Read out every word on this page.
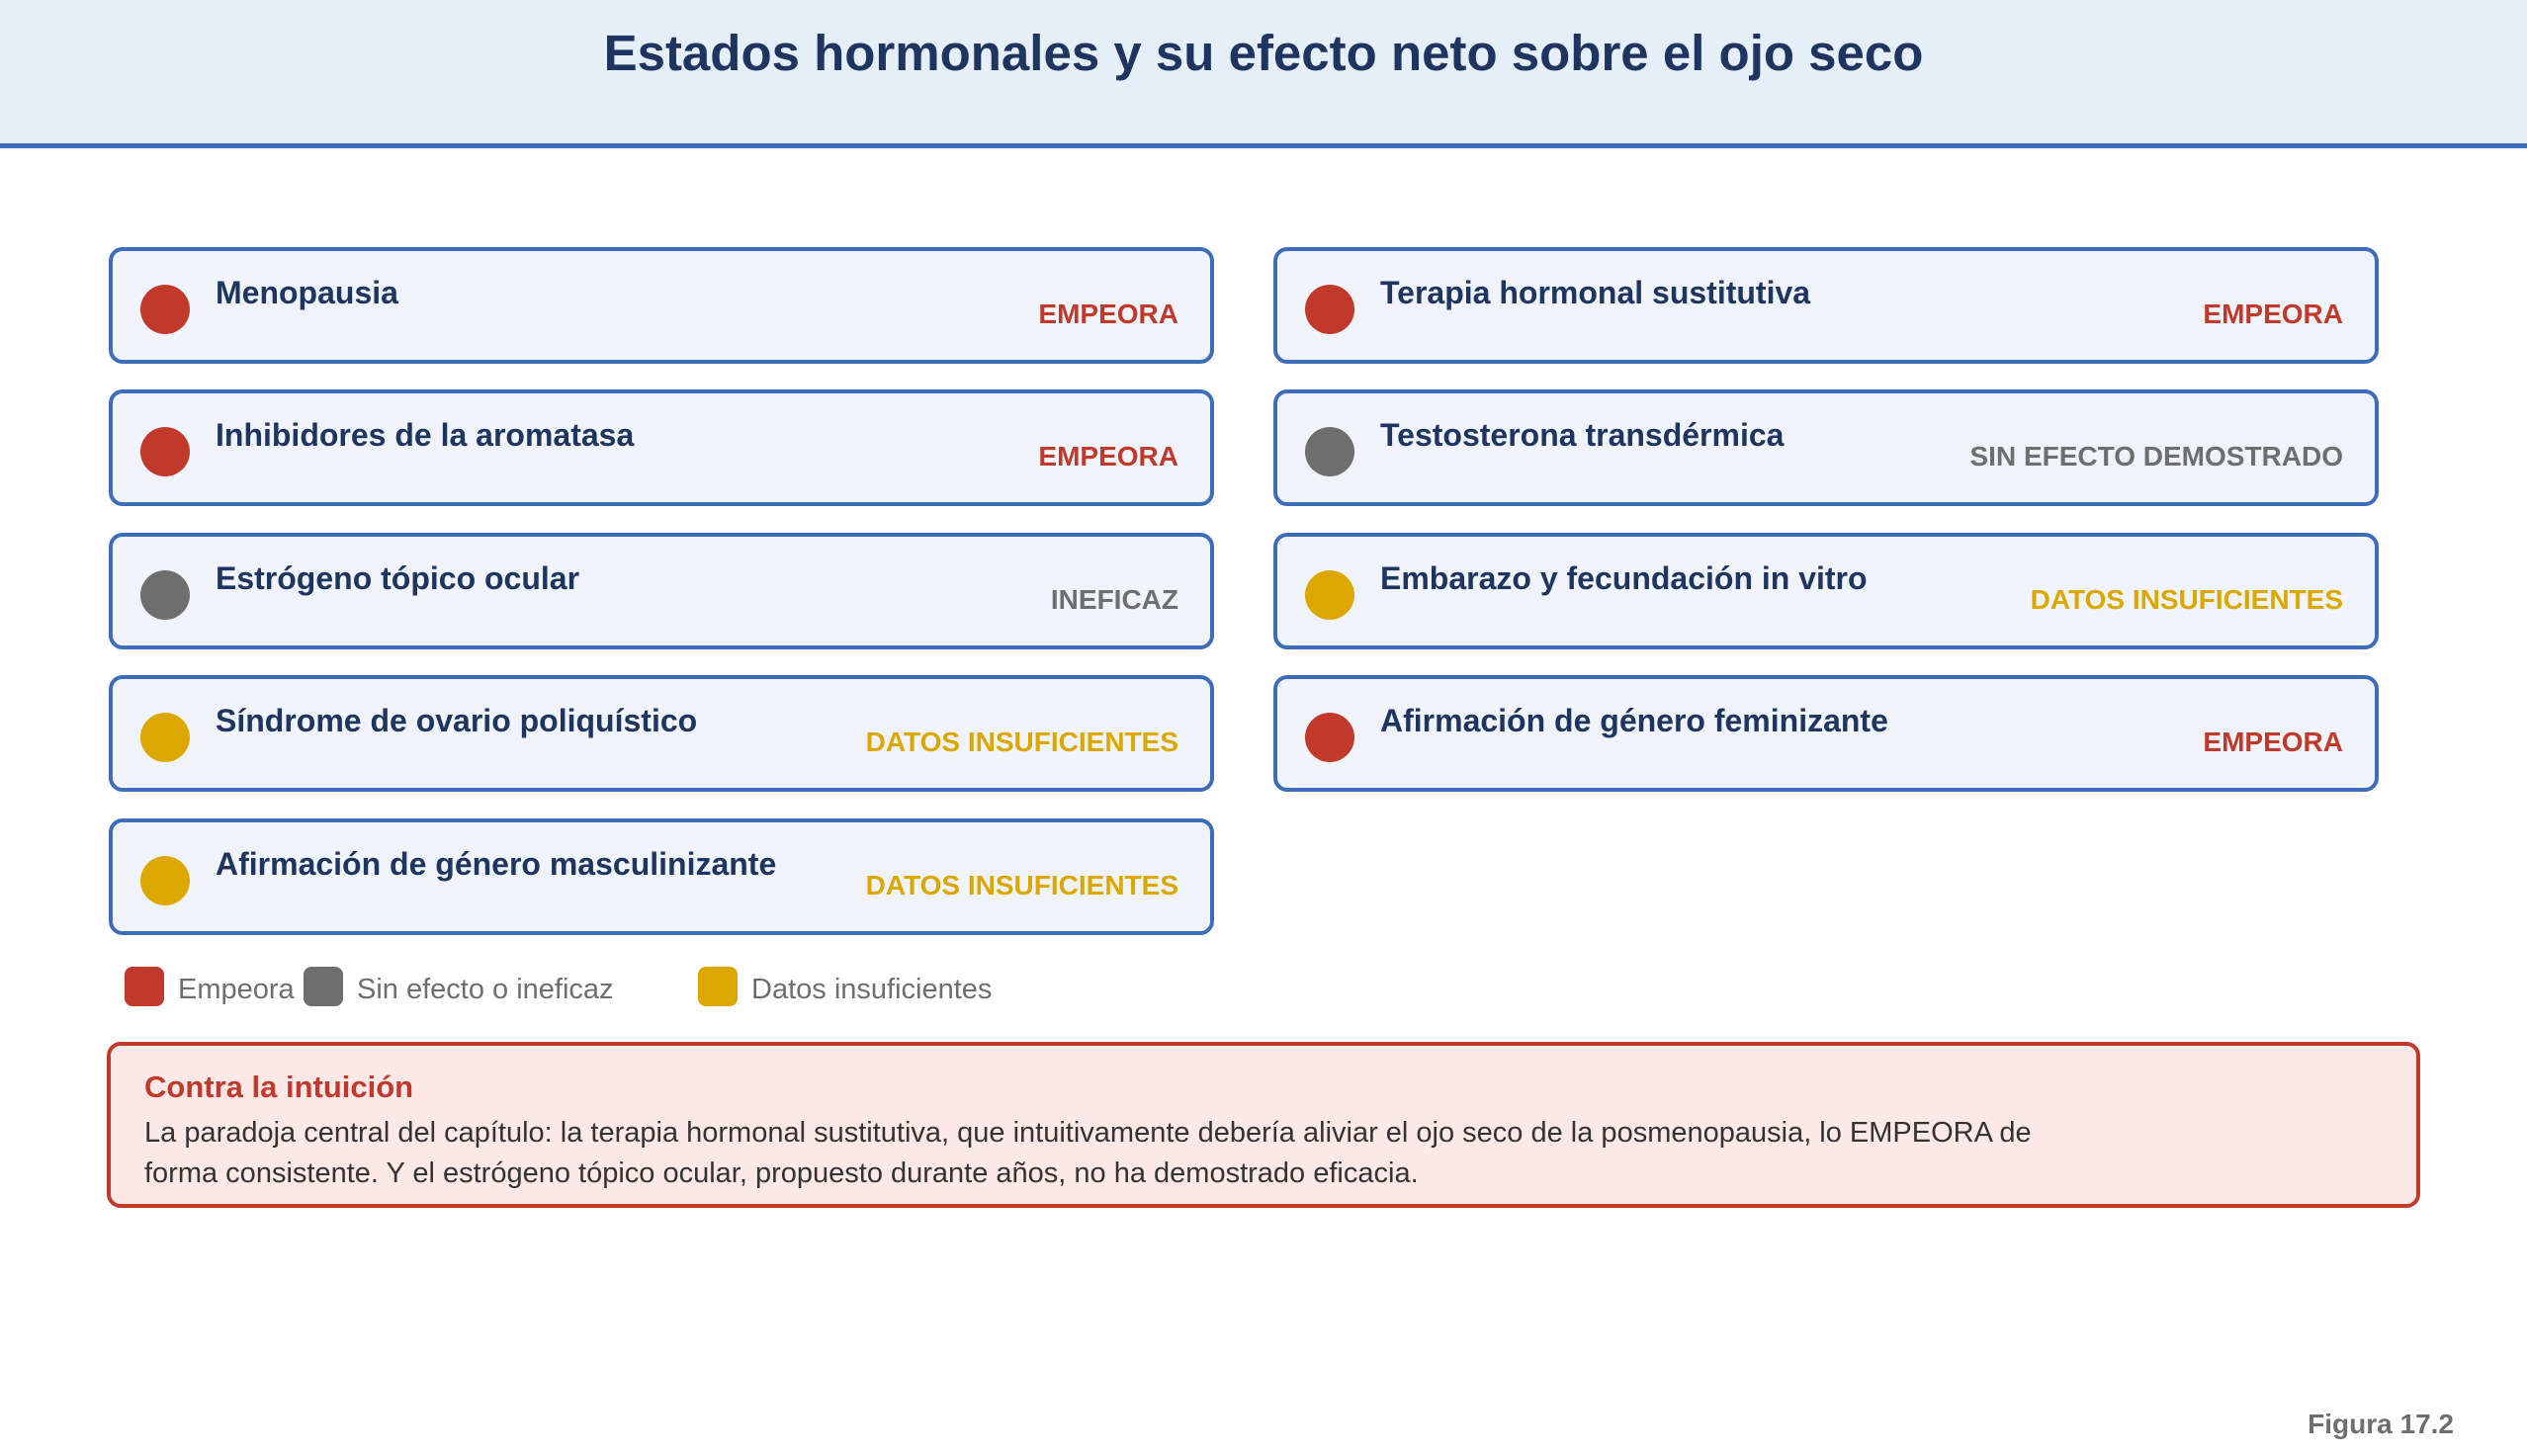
Estados hormonales y su efecto neto sobre el ojo seco
Menopausia
EMPEORA
Inhibidores de la aromatasa
EMPEORA
Estrógeno tópico ocular
INEFICAZ
Síndrome de ovario poliquístico
DATOS INSUFICIENTES
Afirmación de género masculinizante
DATOS INSUFICIENTES
Terapia hormonal sustitutiva
EMPEORA
Testosterona transdérmica
SIN EFECTO DEMOSTRADO
Embarazo y fecundación in vitro
DATOS INSUFICIENTES
Afirmación de género feminizante
EMPEORA
Empeora Sin efecto o ineficaz	Datos insuficientes
Contra la intuición
La paradoja central del capítulo: la terapia hormonal sustitutiva, que intuitivamente debería aliviar el ojo seco de la posmenopausia, lo EMPEORA de forma consistente. Y el estrógeno tópico ocular, propuesto durante años, no ha demostrado eficacia.
Figura 17.2
